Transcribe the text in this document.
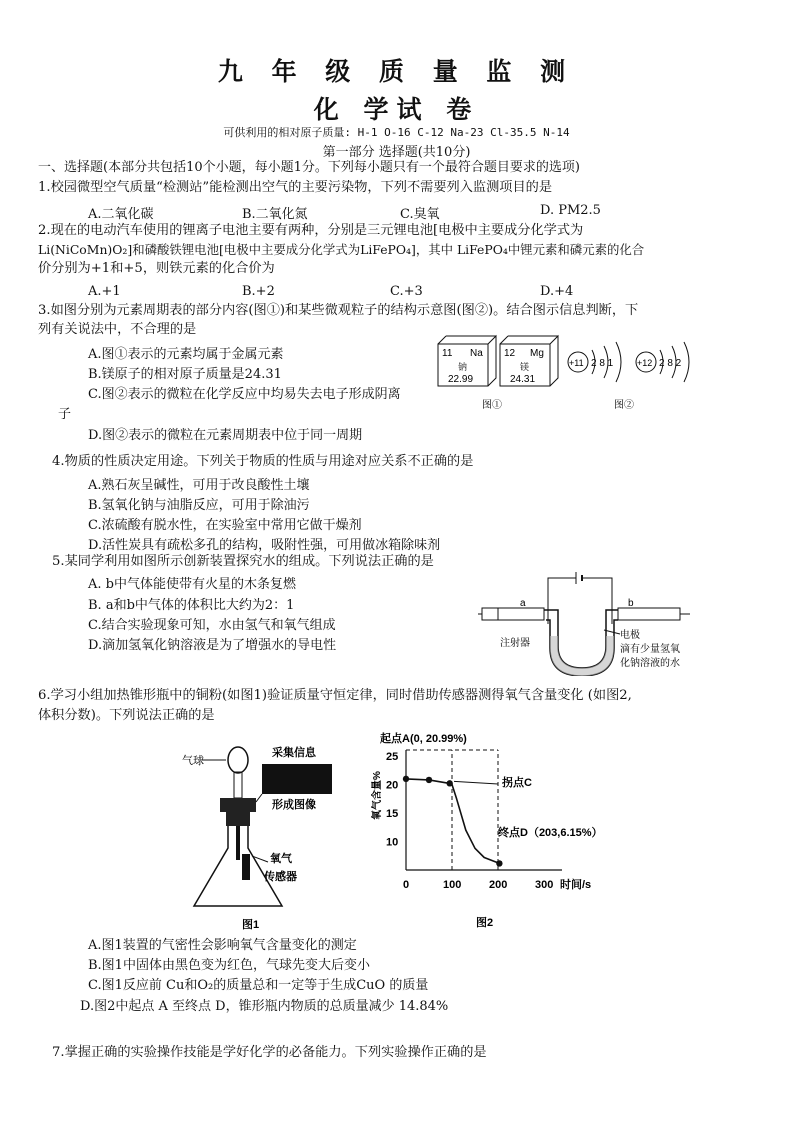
九 年 级 质 量 监 测
化 学试 卷
可供利用的相对原子质量: H-1 O-16 C-12 Na-23 Cl-35.5 N-14
第一部分 选择题(共10分)
一、选择题(本部分共包括10个小题，每小题1分。下列每小题只有一个最符合题目要求的选项)
1.校园微型空气质量“检测站”能检测出空气的主要污染物，下列不需要列入监测项目的是
A.二氧化碳	B.二氧化氮	C.臭氧	D. PM2.5
2.现在的电动汽车使用的锂离子电池主要有两种，分别是三元锂电池[电极中主要成分化学式为
Li(NiCoMn)O₂]和磷酸铁锂电池[电极中主要成分化学式为LiFePO₄]，其中 LiFePO₄中锂元素和磷元素的化合
价分别为+1和+5，则铁元素的化合价为
A.+1	B.+2	C.+3	D.+4
3.如图分别为元素周期表的部分内容(图①)和某些微观粒子的结构示意图(图②)。结合图示信息判断，下
列有关说法中，不合理的是
A.图①表示的元素均属于金属元素
B.镁原子的相对原子质量是24.31
C.图②表示的微粒在化学反应中均易失去电子形成阴离
子
D.图②表示的微粒在元素周期表中位于同一周期
11 Na
钠
22.99
12 Mg
镁
24.31
+11 2 8 1	+12 2 8 2
图①	图②
4.物质的性质决定用途。下列关于物质的性质与用途对应关系不正确的是
A.熟石灰呈碱性，可用于改良酸性土壤
B.氢氧化钠与油脂反应，可用于除油污
C.浓硫酸有脱水性，在实验室中常用它做干燥剂
D.活性炭具有疏松多孔的结构，吸附性强，可用做冰箱除味剂
5.某同学利用如图所示创新装置探究水的组成。下列说法正确的是
A. b中气体能使带有火星的木条复燃
B. a和b中气体的体积比大约为2：1
C.结合实验现象可知，水由氢气和氧气组成
D.滴加氢氧化钠溶液是为了增强水的导电性
a	b
注射器
电极
滴有少量氢氧
化钠溶液的水
6.学习小组加热锥形瓶中的铜粉(如图1)验证质量守恒定律，同时借助传感器测得氧气含量变化 (如图2,
体积分数)。下列说法正确的是
气球
采集信息
形成图像
氧气
传感器
图1
起点A(0, 20.99%)
拐点C
终点D（203,6.15%）
氧气含量%
时间/s
图2
0	100	200	300
10
15
20
25
A.图1装置的气密性会影响氧气含量变化的测定
B.图1中固体由黑色变为红色，气球先变大后变小
C.图1反应前 Cu和O₂的质量总和一定等于生成CuO 的质量
D.图2中起点 A 至终点 D，锥形瓶内物质的总质量减少 14.84%
7.掌握正确的实验操作技能是学好化学的必备能力。下列实验操作正确的是
